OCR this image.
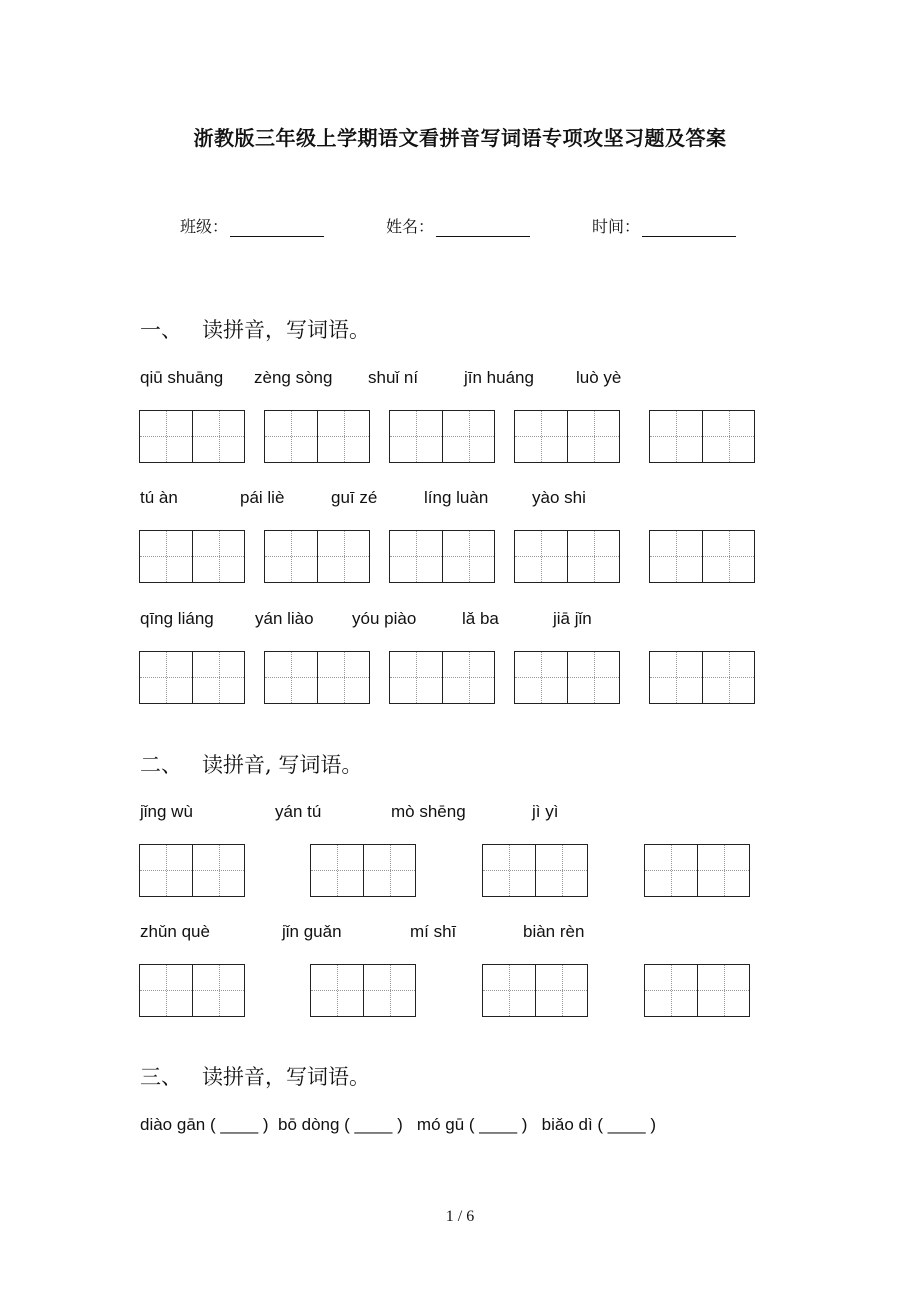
浙教版三年级上学期语文看拼音写词语专项攻坚习题及答案
班级：	姓名：	时间：
一、 读拼音，写词语。
qiū shuāng zèng sòng shuǐ ní	jīn huáng luò yè
tú àn	pái liè	guī zé	líng luàn	yào shi
qīng liáng yán liào yóu piào	lǎ ba	jiā jǐn
二、 读拼音, 写词语。
jǐng wù	yán tú	mò shēng	jì yì
zhǔn què	jǐn guǎn	mí shī	biàn rèn
三、 读拼音，写词语。
diào gān ( ____ )  bō dòng ( ____ )   mó gū ( ____ )   biǎo dì ( ____ )
1 / 6
